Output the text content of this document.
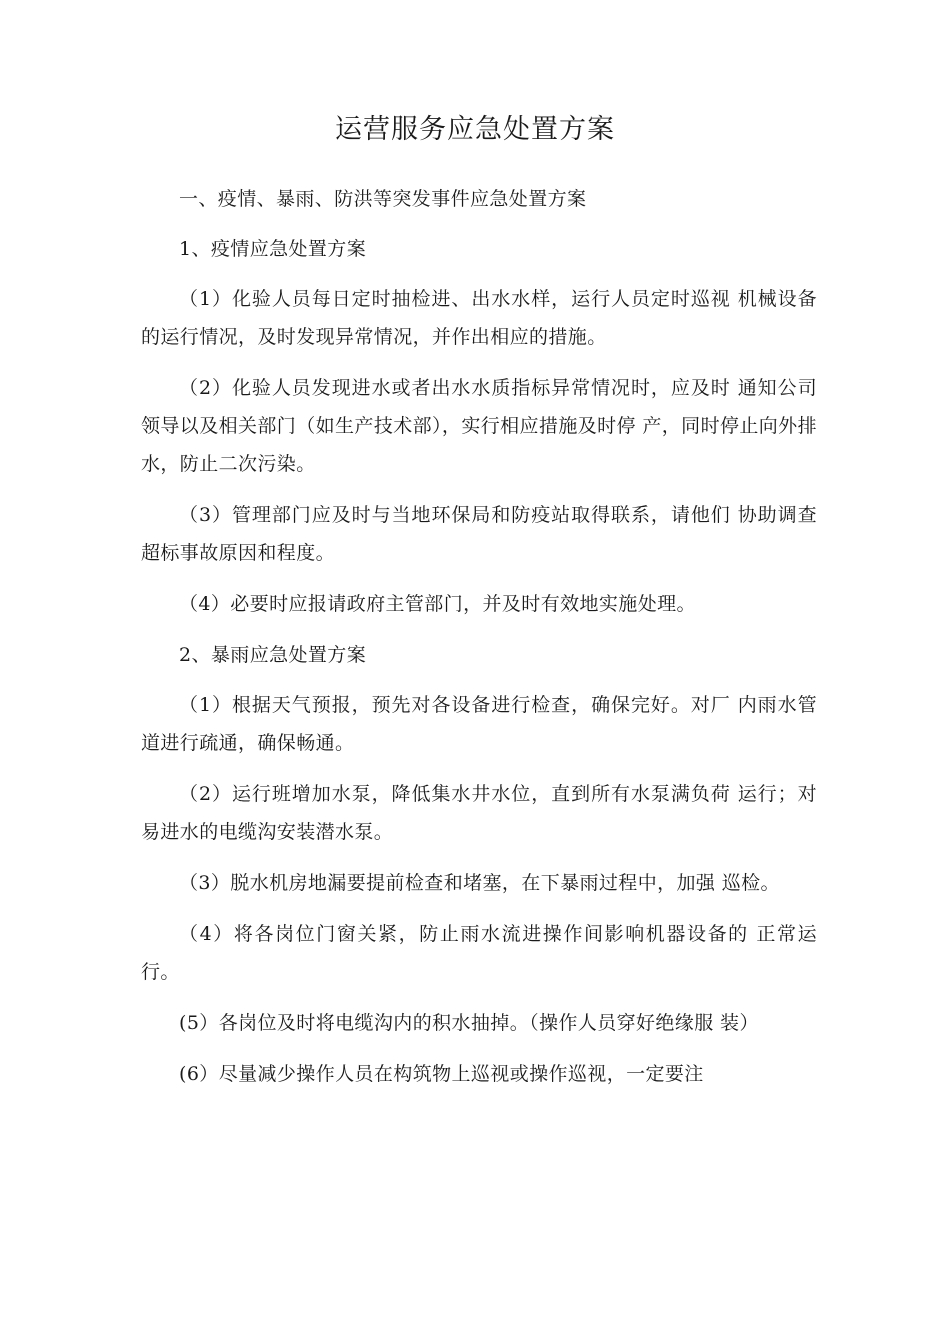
运营服务应急处置方案

一、疫情、暴雨、防洪等突发事件应急处置方案

1、疫情应急处置方案

（1）化验人员每日定时抽检进、出水水样，运行人员定时巡视 机械设备的运行情况，及时发现异常情况，并作出相应的措施。

（2）化验人员发现进水或者出水水质指标异常情况时，应及时 通知公司领导以及相关部门（如生产技术部），实行相应措施及时停 产，同时停止向外排水，防止二次污染。

（3）管理部门应及时与当地环保局和防疫站取得联系，请他们 协助调查超标事故原因和程度。

（4）必要时应报请政府主管部门，并及时有效地实施处理。

2、暴雨应急处置方案

（1）根据天气预报，预先对各设备进行检查，确保完好。对厂 内雨水管道进行疏通，确保畅通。

（2）运行班增加水泵，降低集水井水位，直到所有水泵满负荷 运行；对易进水的电缆沟安装潜水泵。

（3）脱水机房地漏要提前检查和堵塞，在下暴雨过程中，加强 巡检。

（4）将各岗位门窗关紧，防止雨水流进操作间影响机器设备的 正常运行。

(5）各岗位及时将电缆沟内的积水抽掉。（操作人员穿好绝缘服 装）

(6）尽量减少操作人员在构筑物上巡视或操作巡视，一定要注
